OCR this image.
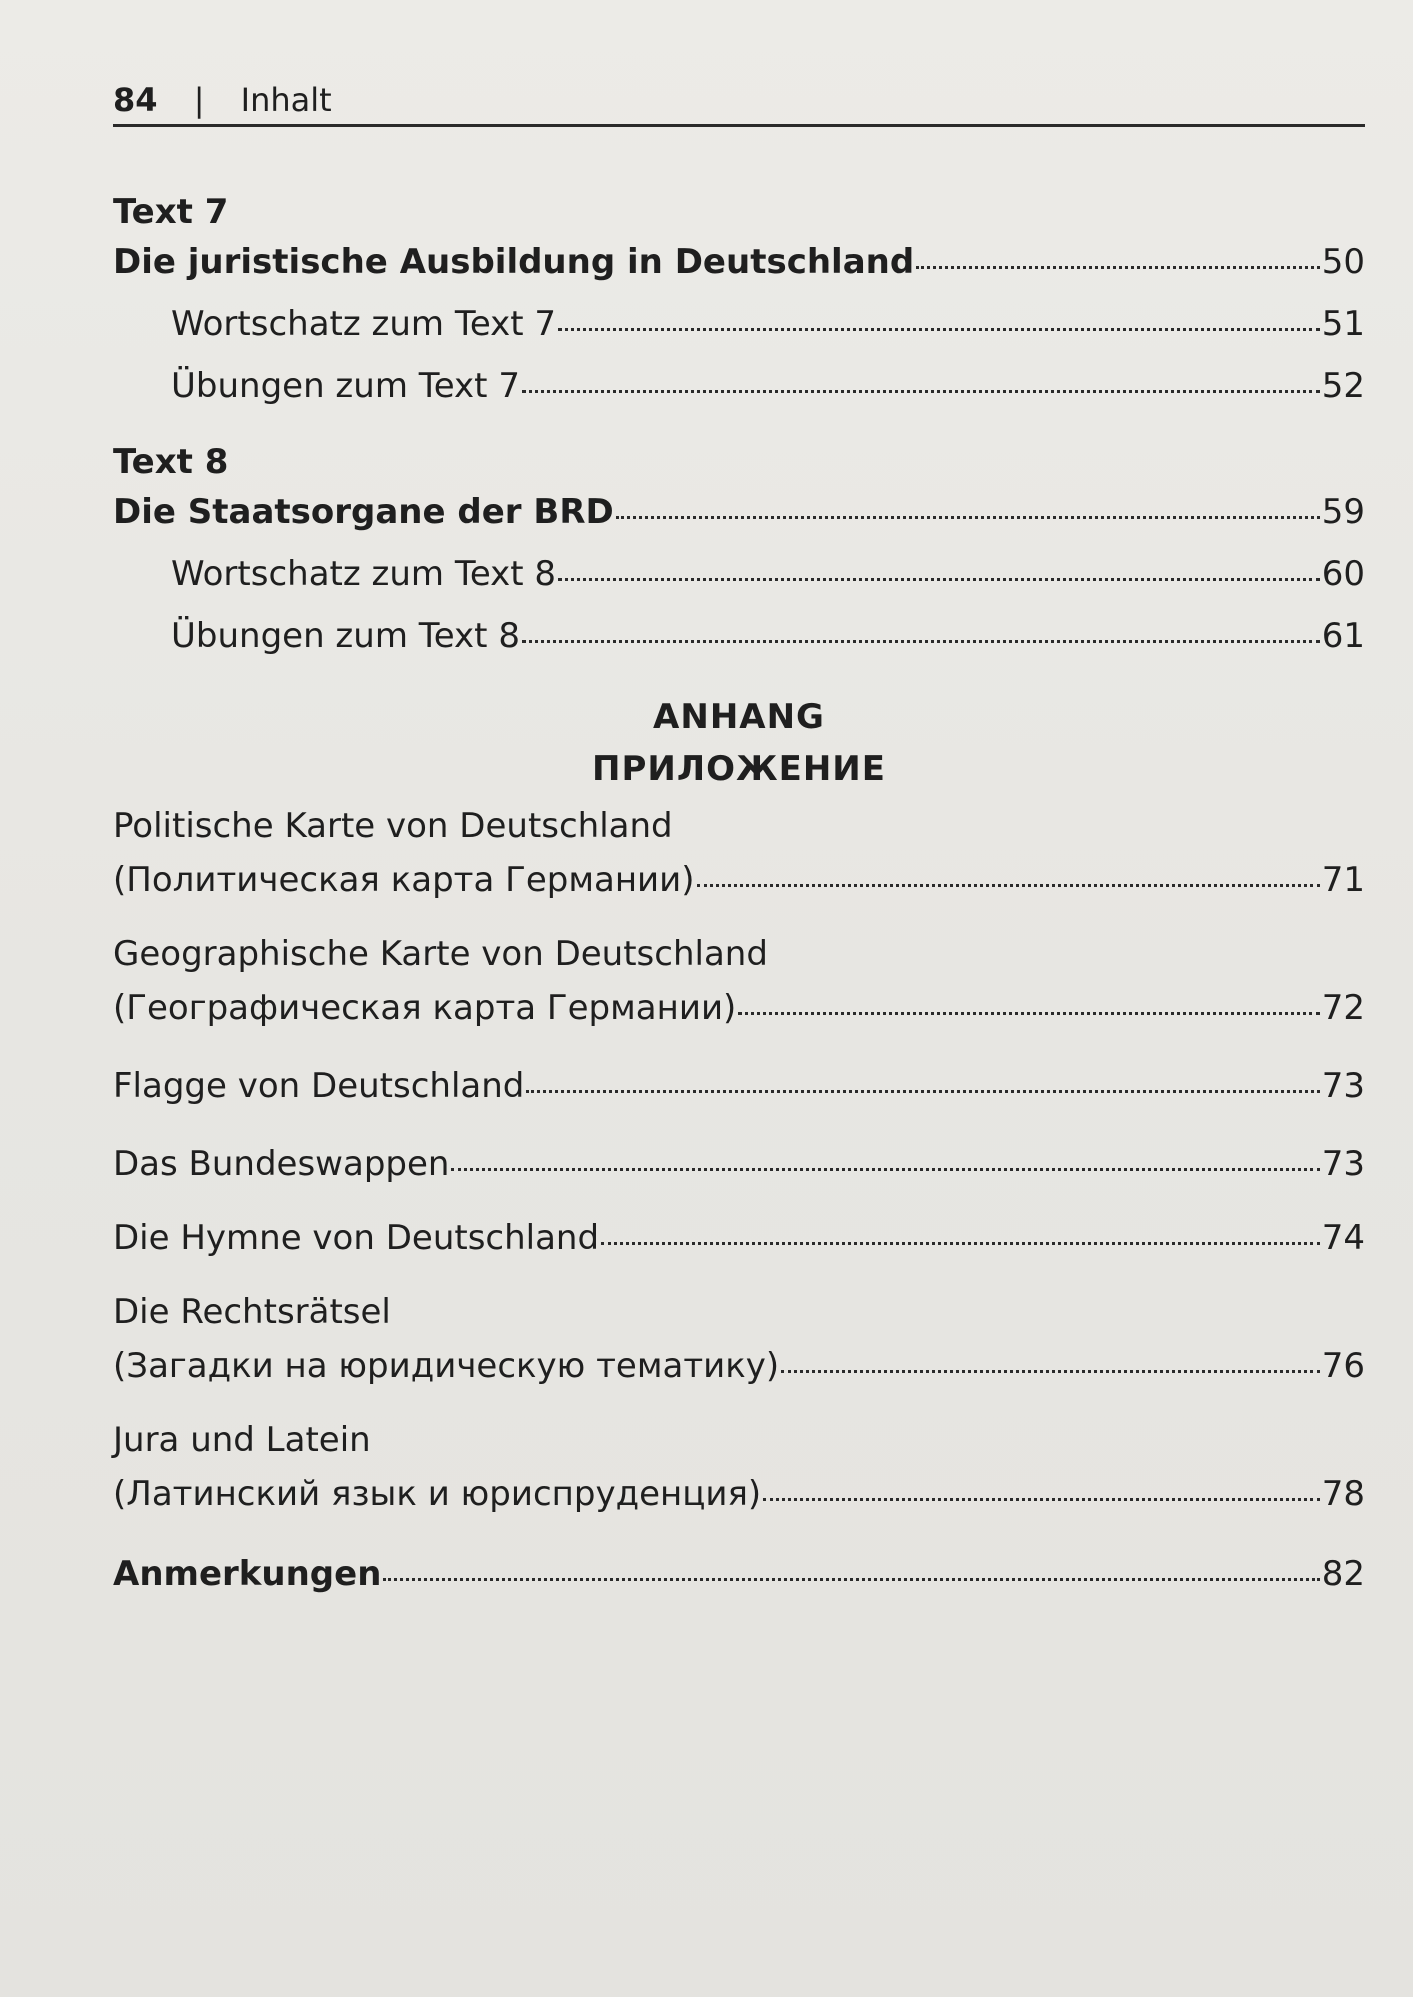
84 | Inhalt
Text 7
Die juristische Ausbildung in Deutschland	50
Wortschatz zum Text 7	51
Übungen zum Text 7	52
Text 8
Die Staatsorgane der BRD	59
Wortschatz zum Text 8	60
Übungen zum Text 8	61
ANHANG
ПРИЛОЖЕНИЕ
Politische Karte von Deutschland
(Политическая карта Германии)	71
Geographische Karte von Deutschland
(Географическая карта Германии)	72
Flagge von Deutschland	73
Das Bundeswappen	73
Die Hymne von Deutschland	74
Die Rechtsrätsel
(Загадки на юридическую тематику)	76
Jura und Latein
(Латинский язык и юриспруденция)	78
Anmerkungen	82
